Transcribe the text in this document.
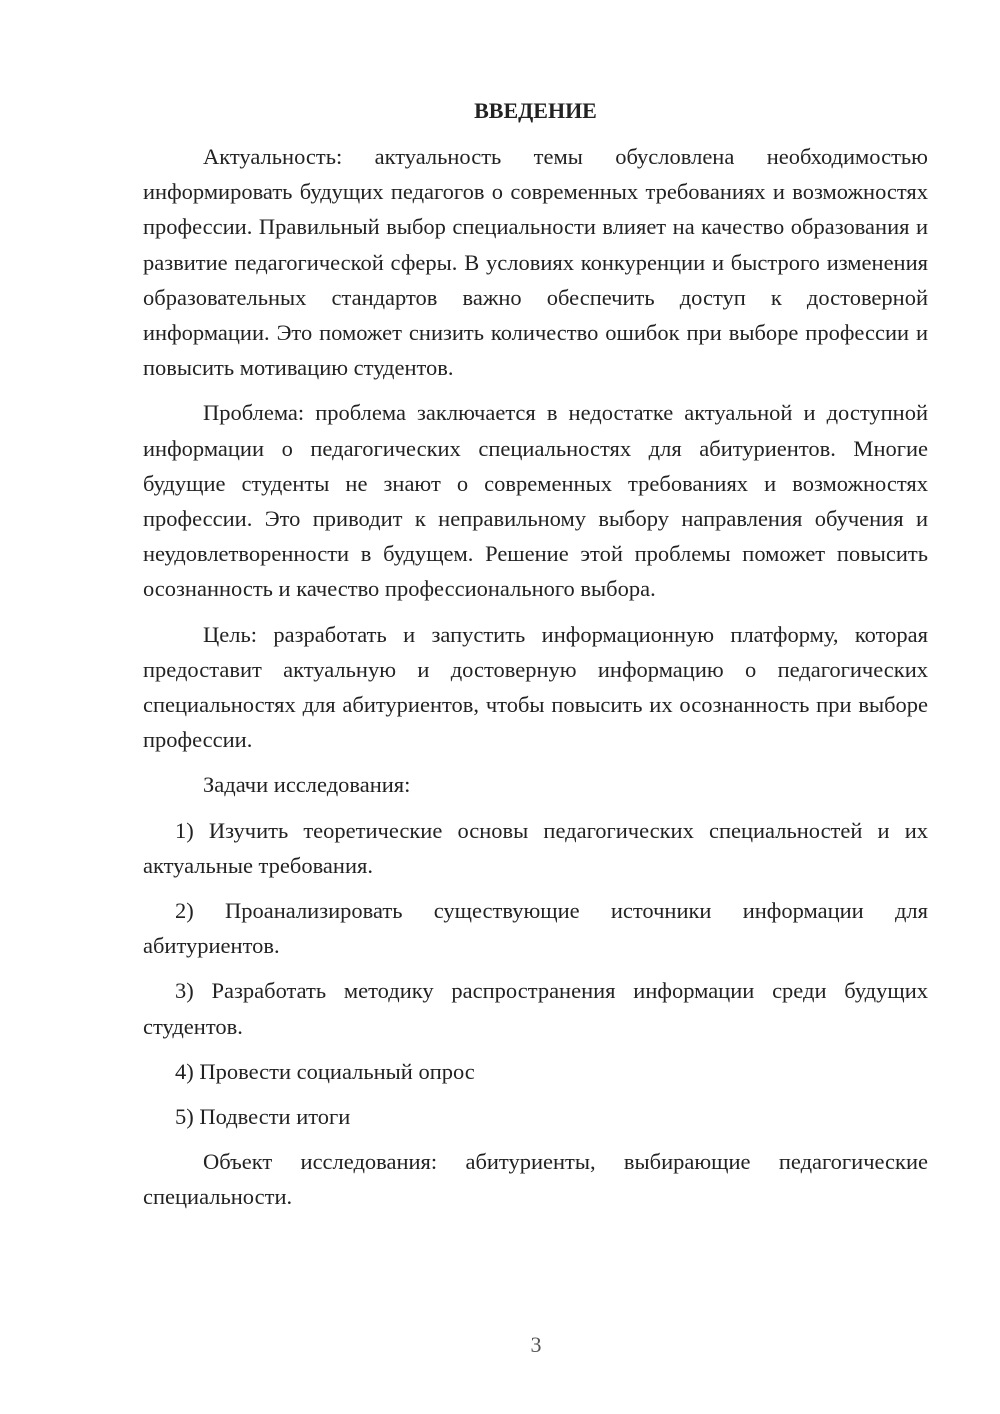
ВВЕДЕНИЕ

Актуальность: актуальность темы обусловлена необходимостью информировать будущих педагогов о современных требованиях и возможностях профессии. Правильный выбор специальности влияет на качество образования и развитие педагогической сферы. В условиях конкуренции и быстрого изменения образовательных стандартов важно обеспечить доступ к достоверной информации. Это поможет снизить количество ошибок при выборе профессии и повысить мотивацию студентов.

Проблема: проблема заключается в недостатке актуальной и доступной информации о педагогических специальностях для абитуриентов. Многие будущие студенты не знают о современных требованиях и возможностях профессии. Это приводит к неправильному выбору направления обучения и неудовлетворенности в будущем. Решение этой проблемы поможет повысить осознанность и качество профессионального выбора.

Цель: разработать и запустить информационную платформу, которая предоставит актуальную и достоверную информацию о педагогических специальностях для абитуриентов, чтобы повысить их осознанность при выборе профессии.

Задачи исследования:

1) Изучить теоретические основы педагогических специальностей и их актуальные требования.

2) Проанализировать существующие источники информации для абитуриентов.

3) Разработать методику распространения информации среди будущих студентов.

4) Провести социальный опрос

5) Подвести итоги

Объект исследования: абитуриенты, выбирающие педагогические специальности.

3
